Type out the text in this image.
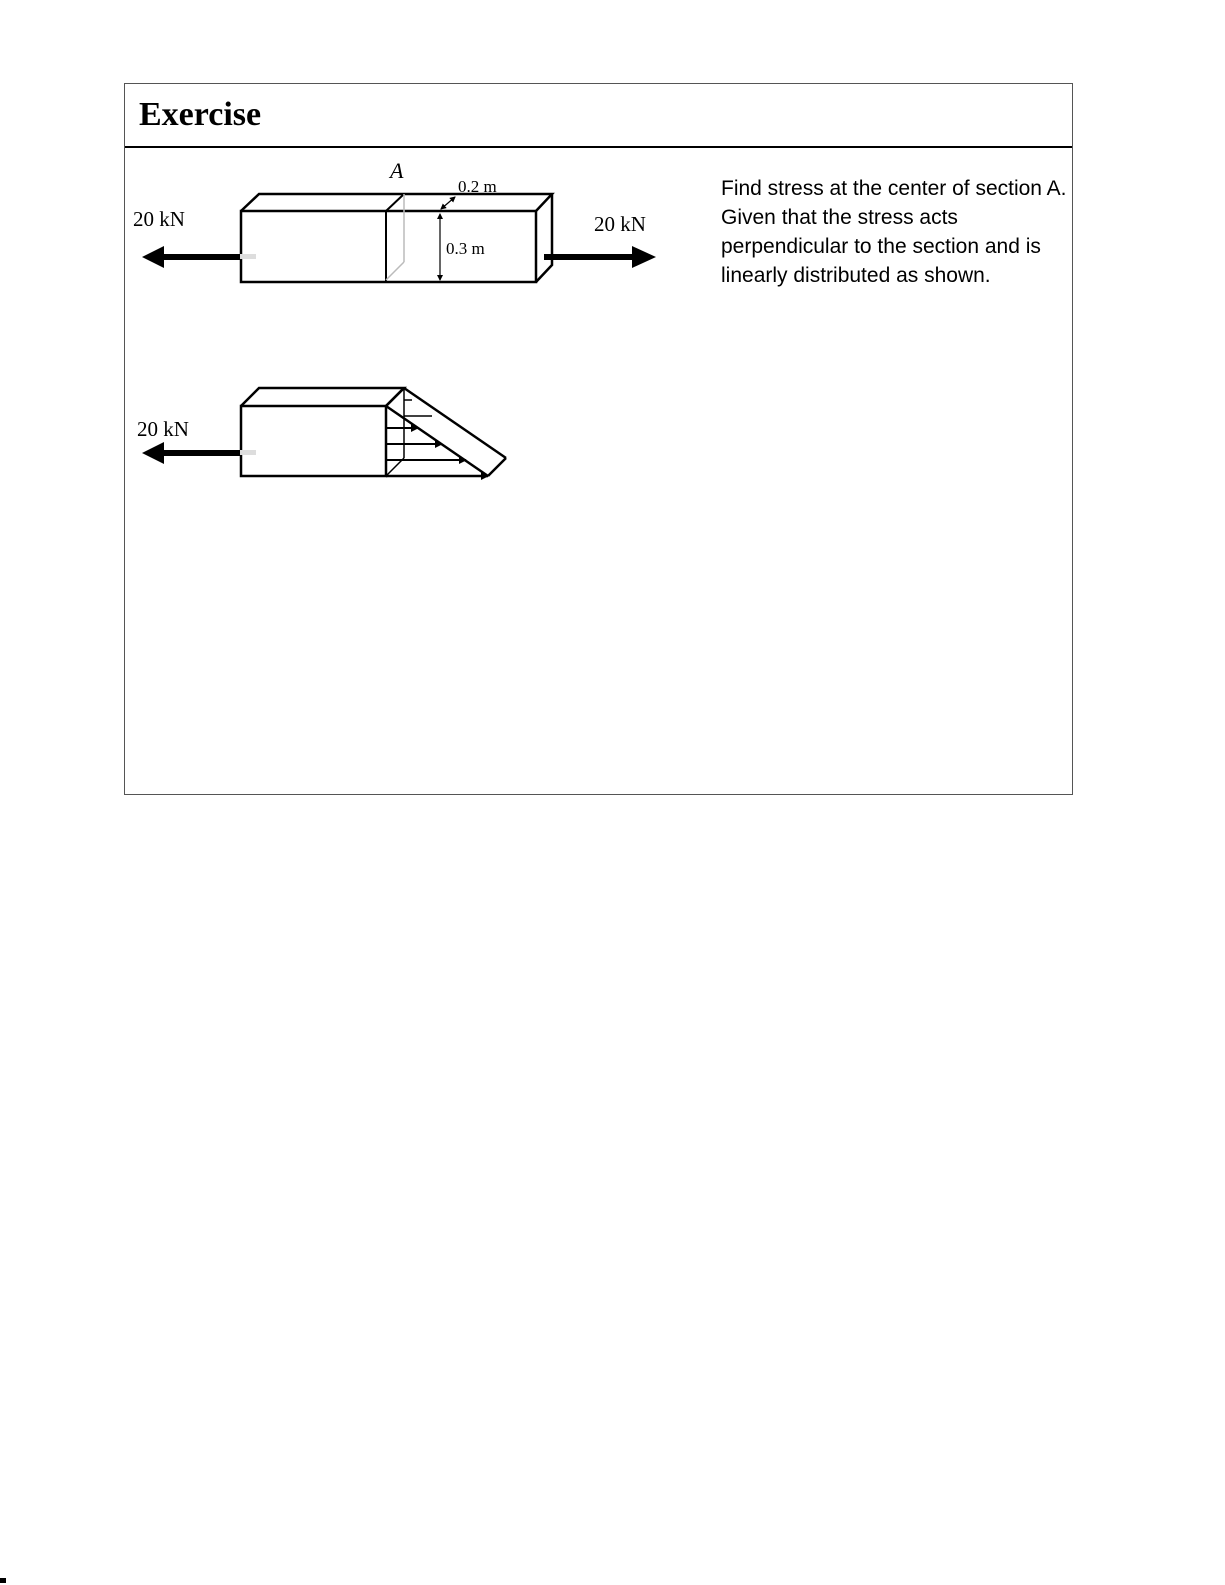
Exercise

Find stress at the center of section A. Given that the stress acts perpendicular to the section and is linearly distributed as shown.

A
0.2 m
0.3 m
20 kN	20 kN
20 kN
